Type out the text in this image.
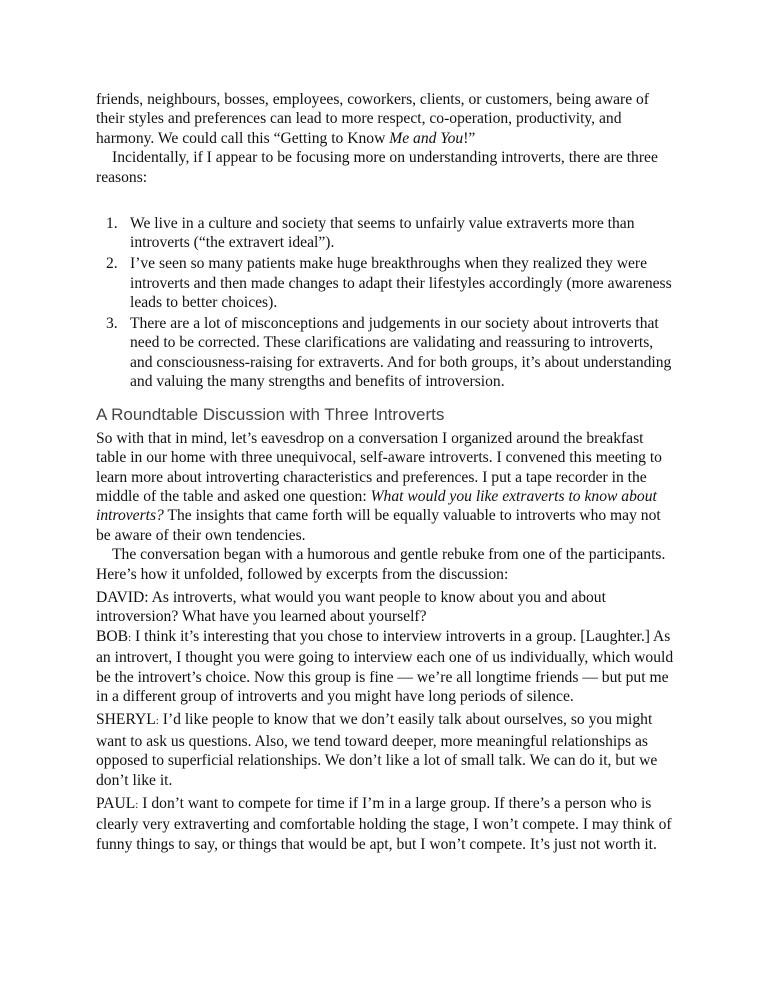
friends, neighbours, bosses, employees, coworkers, clients, or customers, being aware of their styles and preferences can lead to more respect, co-operation, productivity, and harmony. We could call this “Getting to Know Me and You!”

Incidentally, if I appear to be focusing more on understanding introverts, there are three reasons:

1. We live in a culture and society that seems to unfairly value extraverts more than introverts (“the extravert ideal”).
2. I’ve seen so many patients make huge breakthroughs when they realized they were introverts and then made changes to adapt their lifestyles accordingly (more awareness leads to better choices).
3. There are a lot of misconceptions and judgements in our society about introverts that need to be corrected. These clarifications are validating and reassuring to introverts, and consciousness-raising for extraverts. And for both groups, it’s about understanding and valuing the many strengths and benefits of introversion.
A Roundtable Discussion with Three Introverts

So with that in mind, let’s eavesdrop on a conversation I organized around the breakfast table in our home with three unequivocal, self-aware introverts. I convened this meeting to learn more about introverting characteristics and preferences. I put a tape recorder in the middle of the table and asked one question: What would you like extraverts to know about introverts? The insights that came forth will be equally valuable to introverts who may not be aware of their own tendencies.

The conversation began with a humorous and gentle rebuke from one of the participants. Here’s how it unfolded, followed by excerpts from the discussion:

DAVID: As introverts, what would you want people to know about you and about introversion? What have you learned about yourself?

BOB: I think it’s interesting that you chose to interview introverts in a group. [Laughter.] As an introvert, I thought you were going to interview each one of us individually, which would be the introvert’s choice. Now this group is fine — we’re all longtime friends — but put me in a different group of introverts and you might have long periods of silence.

SHERYL: I’d like people to know that we don’t easily talk about ourselves, so you might want to ask us questions. Also, we tend toward deeper, more meaningful relationships as opposed to superficial relationships. We don’t like a lot of small talk. We can do it, but we don’t like it.

PAUL: I don’t want to compete for time if I’m in a large group. If there’s a person who is clearly very extraverting and comfortable holding the stage, I won’t compete. I may think of funny things to say, or things that would be apt, but I won’t compete. It’s just not worth it.
